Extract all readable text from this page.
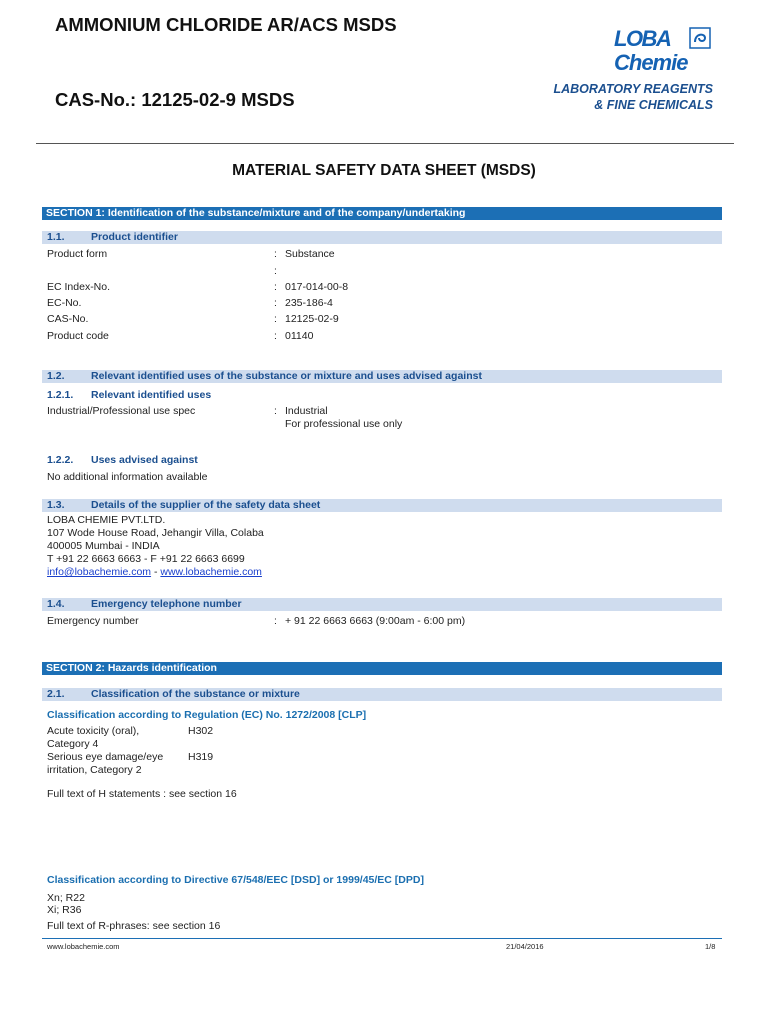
AMMONIUM CHLORIDE AR/ACS MSDS
CAS-No.: 12125-02-9 MSDS
LOBA
Chemie
LABORATORY REAGENTS
& FINE CHEMICALS
MATERIAL SAFETY DATA SHEET (MSDS)
SECTION 1: Identification of the substance/mixture and of the company/undertaking
1.1.	Product identifier
Product form	: Substance
:
EC Index-No.	: 017-014-00-8
EC-No.	: 235-186-4
CAS-No.	: 12125-02-9
Product code	: 01140
1.2.	Relevant identified uses of the substance or mixture and uses advised against
1.2.1. Relevant identified uses
Industrial/Professional use spec	: Industrial
For professional use only
1.2.2. Uses advised against
No additional information available
1.3.	Details of the supplier of the safety data sheet
LOBA CHEMIE PVT.LTD.
107 Wode House Road, Jehangir Villa, Colaba
400005 Mumbai - INDIA
T +91 22 6663 6663 - F +91 22 6663 6699
info@lobachemie.com - www.lobachemie.com
1.4.	Emergency telephone number
Emergency number	: + 91 22 6663 6663 (9:00am - 6:00 pm)
SECTION 2: Hazards identification
2.1.	Classification of the substance or mixture
Classification according to Regulation (EC) No. 1272/2008 [CLP]
Acute toxicity (oral),	H302
Category 4
Serious eye damage/eye H319
irritation, Category 2
Full text of H statements : see section 16
Classification according to Directive 67/548/EEC [DSD] or 1999/45/EC [DPD]
Xn; R22
Xi; R36
Full text of R-phrases: see section 16
www.lobachemie.com	21/04/2016	1/8
